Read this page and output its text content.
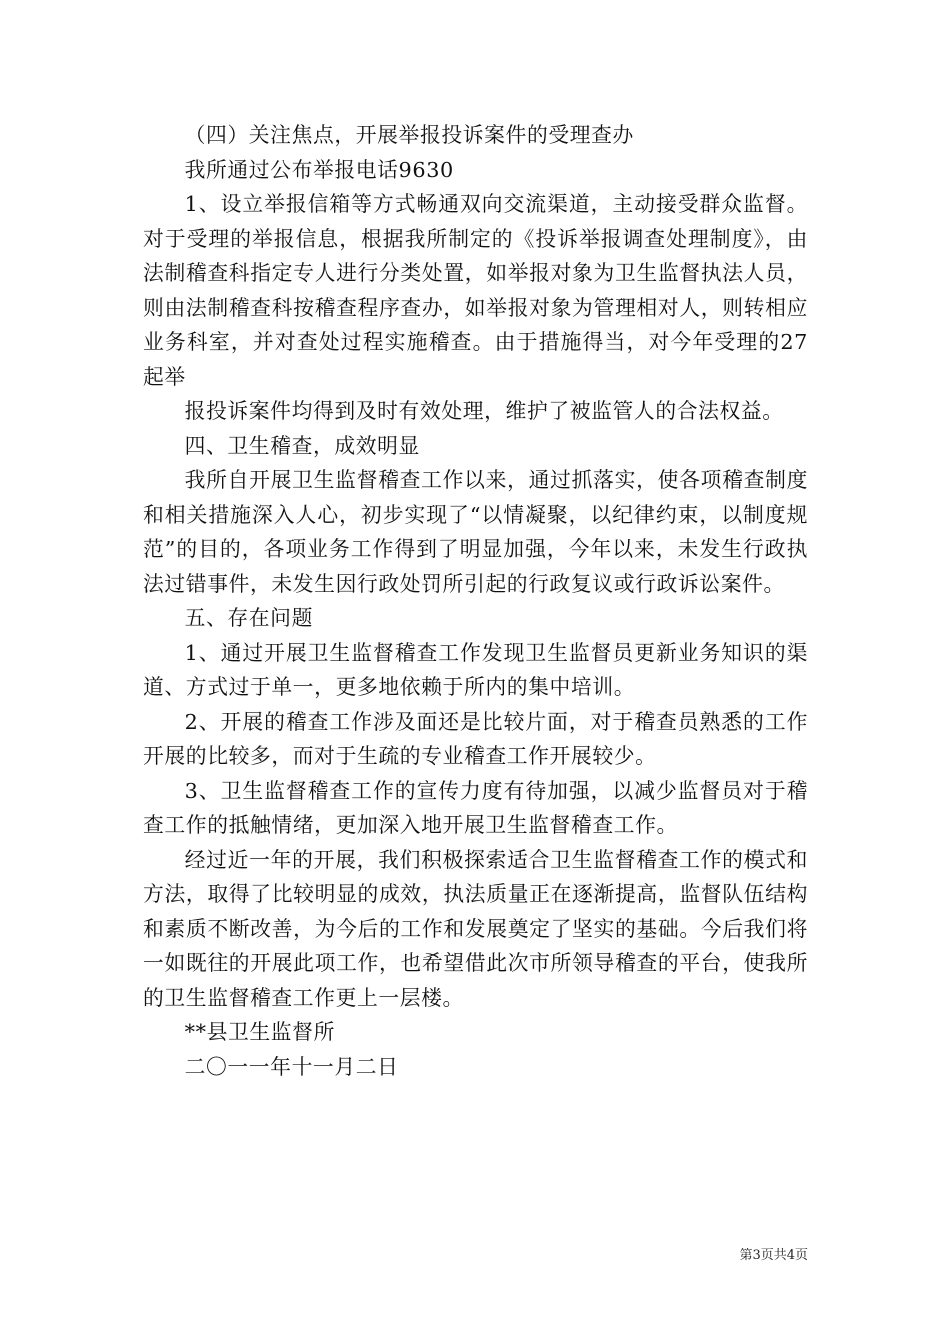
（四）关注焦点，开展举报投诉案件的受理查办

我所通过公布举报电话9630

1、设立举报信箱等方式畅通双向交流渠道，主动接受群众监督。对于受理的举报信息，根据我所制定的《投诉举报调查处理制度》，由法制稽查科指定专人进行分类处置，如举报对象为卫生监督执法人员，则由法制稽查科按稽查程序查办，如举报对象为管理相对人，则转相应业务科室，并对查处过程实施稽查。由于措施得当，对今年受理的27起举

报投诉案件均得到及时有效处理，维护了被监管人的合法权益。

四、卫生稽查，成效明显

我所自开展卫生监督稽查工作以来，通过抓落实，使各项稽查制度和相关措施深入人心，初步实现了“以情凝聚，以纪律约束，以制度规范”的目的，各项业务工作得到了明显加强，今年以来，未发生行政执法过错事件，未发生因行政处罚所引起的行政复议或行政诉讼案件。

五、存在问题

1、通过开展卫生监督稽查工作发现卫生监督员更新业务知识的渠道、方式过于单一，更多地依赖于所内的集中培训。

2、开展的稽查工作涉及面还是比较片面，对于稽查员熟悉的工作开展的比较多，而对于生疏的专业稽查工作开展较少。

3、卫生监督稽查工作的宣传力度有待加强，以减少监督员对于稽查工作的抵触情绪，更加深入地开展卫生监督稽查工作。

经过近一年的开展，我们积极探索适合卫生监督稽查工作的模式和方法，取得了比较明显的成效，执法质量正在逐渐提高，监督队伍结构和素质不断改善，为今后的工作和发展奠定了坚实的基础。今后我们将一如既往的开展此项工作，也希望借此次市所领导稽查的平台，使我所的卫生监督稽查工作更上一层楼。

**县卫生监督所

二〇一一年十一月二日

第3页共4页
